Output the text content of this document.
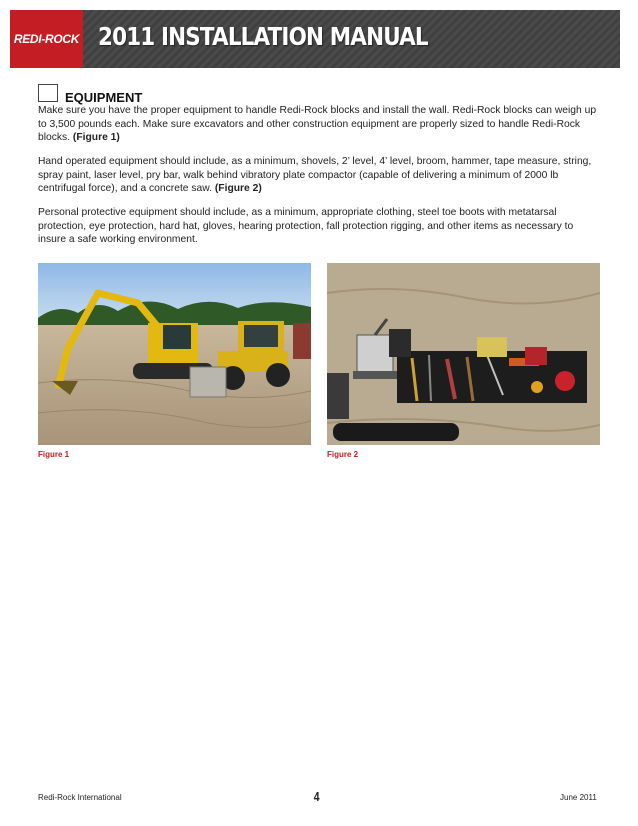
REDI-ROCK 2011 INSTALLATION MANUAL
EQUIPMENT

Make sure you have the proper equipment to handle Redi-Rock blocks and install the wall. Redi-Rock blocks can weigh up to 3,500 pounds each. Make sure excavators and other construction equipment are properly sized to handle Redi-Rock blocks. (Figure 1)

Hand operated equipment should include, as a minimum, shovels, 2’ level, 4’ level, broom, hammer, tape measure, string, spray paint, laser level, pry bar, walk behind vibratory plate compactor (capable of delivering a minimum of 2000 lb centrifugal force), and a concrete saw. (Figure 2)

Personal protective equipment should include, as a minimum, appropriate clothing, steel toe boots with metatarsal protection, eye protection, hard hat, gloves, hearing protection, fall protection rigging, and other items as necessary to insure a safe working environment.

Figure 1	Figure 2
Redi-Rock International	4	June 2011
